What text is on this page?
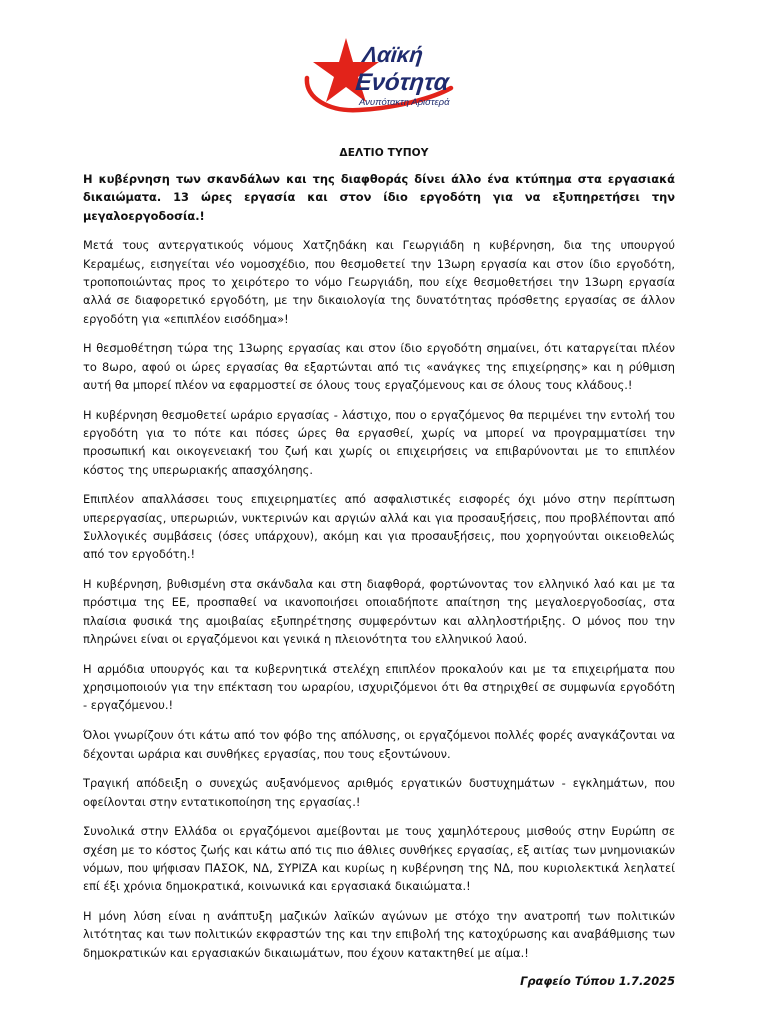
Λαϊκή
Ενότητα
Ανυπότακτη Αριστερά
ΔΕΛΤΙΟ ΤΥΠΟΥ

Η κυβέρνηση των σκανδάλων και της διαφθοράς δίνει άλλο ένα κτύπημα στα εργασιακά δικαιώματα. 13 ώρες εργασία και στον ίδιο εργοδότη για να εξυπηρετήσει την μεγαλοεργοδοσία.!

Μετά τους αντεργατικούς νόμους Χατζηδάκη και Γεωργιάδη η κυβέρνηση, δια της υπουργού Κεραμέως, εισηγείται νέο νομοσχέδιο, που θεσμοθετεί την 13ωρη εργασία και στον ίδιο εργοδότη, τροποποιώντας προς το χειρότερο το νόμο Γεωργιάδη, που είχε θεσμοθετήσει την 13ωρη εργασία αλλά σε διαφορετικό εργοδότη, με την δικαιολογία της δυνατότητας πρόσθετης εργασίας σε άλλον εργοδότη για «επιπλέον εισόδημα»!

Η θεσμοθέτηση τώρα της 13ωρης εργασίας και στον ίδιο εργοδότη σημαίνει, ότι καταργείται πλέον το 8ωρο, αφού οι ώρες εργασίας θα εξαρτώνται από τις «ανάγκες της επιχείρησης» και η ρύθμιση αυτή θα μπορεί πλέον να εφαρμοστεί σε όλους τους εργαζόμενους και σε όλους τους κλάδους.!

Η κυβέρνηση θεσμοθετεί ωράριο εργασίας - λάστιχο, που ο εργαζόμενος θα περιμένει την εντολή του εργοδότη για το πότε και πόσες ώρες θα εργασθεί, χωρίς να μπορεί να προγραμματίσει την προσωπική και οικογενειακή του ζωή και χωρίς οι επιχειρήσεις να επιβαρύνονται με το επιπλέον κόστος της υπερωριακής απασχόλησης.

Επιπλέον απαλλάσσει τους επιχειρηματίες από ασφαλιστικές εισφορές όχι μόνο στην περίπτωση υπερεργασίας, υπερωριών, νυκτερινών και αργιών αλλά και για προσαυξήσεις, που προβλέπονται από Συλλογικές συμβάσεις (όσες υπάρχουν), ακόμη και για προσαυξήσεις, που χορηγούνται οικειοθελώς από τον εργοδότη.!

Η κυβέρνηση, βυθισμένη στα σκάνδαλα και στη διαφθορά, φορτώνοντας τον ελληνικό λαό και με τα πρόστιμα της ΕΕ, προσπαθεί να ικανοποιήσει οποιαδήποτε απαίτηση της μεγαλοεργοδοσίας, στα πλαίσια φυσικά της αμοιβαίας εξυπηρέτησης συμφερόντων και αλληλοστήριξης. Ο μόνος που την πληρώνει είναι οι εργαζόμενοι και γενικά η πλειονότητα του ελληνικού λαού.

Η αρμόδια υπουργός και τα κυβερνητικά στελέχη επιπλέον προκαλούν και με τα επιχειρήματα που χρησιμοποιούν για την επέκταση του ωραρίου, ισχυριζόμενοι ότι θα στηριχθεί σε συμφωνία εργοδότη - εργαζόμενου.!

Όλοι γνωρίζουν ότι κάτω από τον φόβο της απόλυσης, οι εργαζόμενοι πολλές φορές αναγκάζονται να δέχονται ωράρια και συνθήκες εργασίας, που τους εξοντώνουν.

Τραγική απόδειξη ο συνεχώς αυξανόμενος αριθμός εργατικών δυστυχημάτων - εγκλημάτων, που οφείλονται στην εντατικοποίηση της εργασίας.!

Συνολικά στην Ελλάδα οι εργαζόμενοι αμείβονται με τους χαμηλότερους μισθούς στην Ευρώπη σε σχέση με το κόστος ζωής και κάτω από τις πιο άθλιες συνθήκες εργασίας, εξ αιτίας των μνημονιακών νόμων, που ψήφισαν ΠΑΣΟΚ, ΝΔ, ΣΥΡΙΖΑ και κυρίως η κυβέρνηση της ΝΔ, που κυριολεκτικά λεηλατεί επί έξι χρόνια δημοκρατικά, κοινωνικά και εργασιακά δικαιώματα.!

Η μόνη λύση είναι η ανάπτυξη μαζικών λαϊκών αγώνων με στόχο την ανατροπή των πολιτικών λιτότητας και των πολιτικών εκφραστών της και την επιβολή της κατοχύρωσης και αναβάθμισης των δημοκρατικών και εργασιακών δικαιωμάτων, που έχουν κατακτηθεί με αίμα.!

Γραφείο Τύπου 1.7.2025
